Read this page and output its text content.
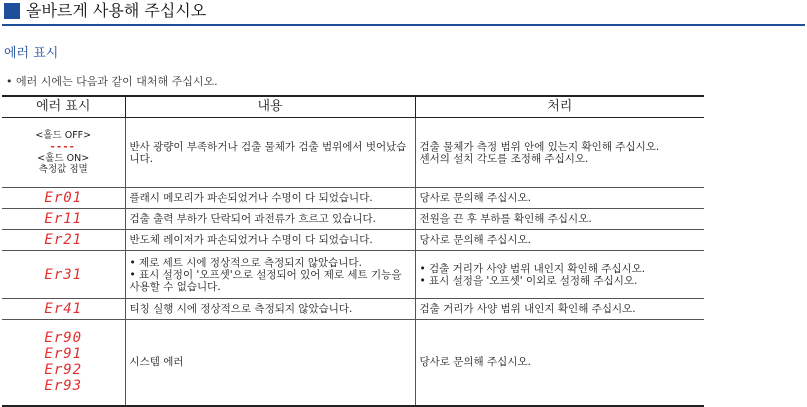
올바르게 사용해 주십시오
에러 표시
• 에러 시에는 다음과 같이 대처해 주십시오.
에러 표시	내용	처리

<홀드 OFF>
----
<홀드 ON>
측정값 점멸	반사 광량이 부족하거나 검출 물체가 검출 범위에서 벗어났습니다.	검출 물체가 측정 범위 안에 있는지 확인해 주십시오.
센서의 설치 각도를 조정해 주십시오.

Er01	플래시 메모리가 파손되었거나 수명이 다 되었습니다.	당사로 문의해 주십시오.

Er11	검출 출력 부하가 단락되어 과전류가 흐르고 있습니다.	전원을 끈 후 부하를 확인해 주십시오.

Er21	반도체 레이저가 파손되었거나 수명이 다 되었습니다.	당사로 문의해 주십시오.

Er31	• 제로 세트 시에 정상적으로 측정되지 않았습니다.
• 표시 설정이 '오프셋'으로 설정되어 있어 제로 세트 기능을 사용할 수 없습니다.	• 검출 거리가 사양 범위 내인지 확인해 주십시오.
• 표시 설정을 '오프셋' 이외로 설정해 주십시오.

Er41	티칭 실행 시에 정상적으로 측정되지 않았습니다.	검출 거리가 사양 범위 내인지 확인해 주십시오.

Er90
Er91
Er92
Er93	시스템 에러	당사로 문의해 주십시오.
